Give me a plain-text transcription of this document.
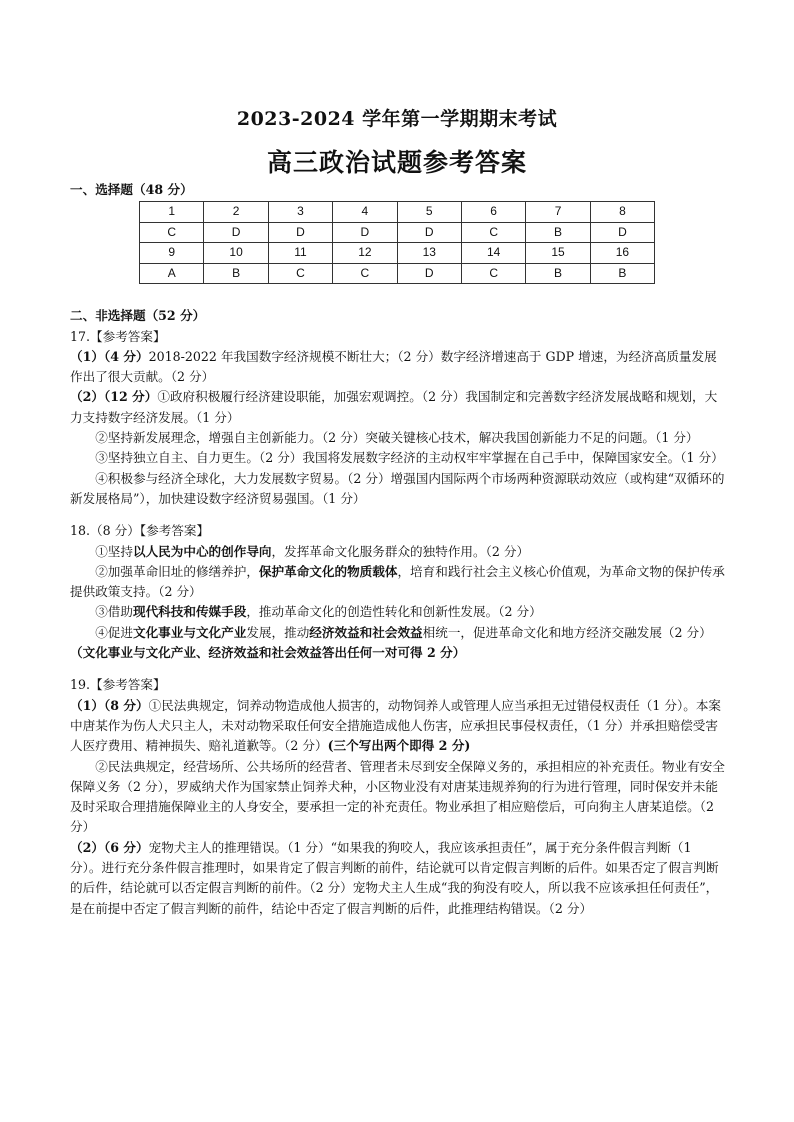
2023-2024 学年第一学期期末考试
高三政治试题参考答案

一、选择题（48 分）

1	2	3	4	5	6	7	8
C	D	D	D	D	C	B	D
9	10	11	12	13	14	15	16
A	B	C	C	D	C	B	B

二、非选择题（52 分）

17.【参考答案】

（1）（4 分）2018-2022 年我国数字经济规模不断壮大；（2 分）数字经济增速高于 GDP 增速，为经济高质量发展作出了很大贡献。（2 分）

（2）（12 分）①政府积极履行经济建设职能，加强宏观调控。（2 分）我国制定和完善数字经济发展战略和规划，大力支持数字经济发展。（1 分）

②坚持新发展理念，增强自主创新能力。（2 分）突破关键核心技术，解决我国创新能力不足的问题。（1 分）

③坚持独立自主、自力更生。（2 分）我国将发展数字经济的主动权牢牢掌握在自己手中，保障国家安全。（1 分）

④积极参与经济全球化，大力发展数字贸易。（2 分）增强国内国际两个市场两种资源联动效应（或构建“双循环的新发展格局”），加快建设数字经济贸易强国。（1 分）

18.（8 分）【参考答案】

①坚持以人民为中心的创作导向，发挥革命文化服务群众的独特作用。（2 分）

②加强革命旧址的修缮养护，保护革命文化的物质载体，培育和践行社会主义核心价值观，为革命文物的保护传承提供政策支持。（2 分）

③借助现代科技和传媒手段，推动革命文化的创造性转化和创新性发展。（2 分）

④促进文化事业与文化产业发展，推动经济效益和社会效益相统一，促进革命文化和地方经济交融发展（2 分）（文化事业与文化产业、经济效益和社会效益答出任何一对可得 2 分）

19.【参考答案】

（1）（8 分）①民法典规定，饲养动物造成他人损害的，动物饲养人或管理人应当承担无过错侵权责任（1 分）。本案中唐某作为伤人犬只主人，未对动物采取任何安全措施造成他人伤害，应承担民事侵权责任，（1 分）并承担赔偿受害人医疗费用、精神损失、赔礼道歉等。（2 分）(三个写出两个即得 2 分)

②民法典规定，经营场所、公共场所的经营者、管理者未尽到安全保障义务的，承担相应的补充责任。物业有安全保障义务（2 分），罗威纳犬作为国家禁止饲养犬种，小区物业没有对唐某违规养狗的行为进行管理，同时保安并未能及时采取合理措施保障业主的人身安全，要承担一定的补充责任。物业承担了相应赔偿后，可向狗主人唐某追偿。（2 分）

（2）（6 分）宠物犬主人的推理错误。（1 分）“如果我的狗咬人，我应该承担责任”，属于充分条件假言判断（1 分）。进行充分条件假言推理时，如果肯定了假言判断的前件，结论就可以肯定假言判断的后件。如果否定了假言判断的后件，结论就可以否定假言判断的前件。（2 分）宠物犬主人生成“我的狗没有咬人，所以我不应该承担任何责任”，是在前提中否定了假言判断的前件，结论中否定了假言判断的后件，此推理结构错误。（2 分）
